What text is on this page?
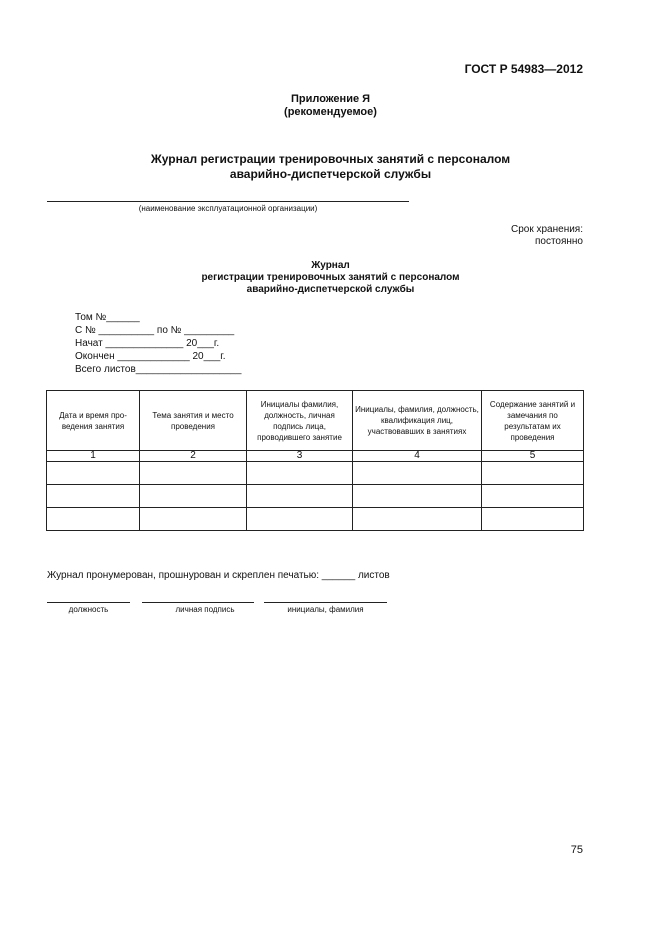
ГОСТ Р 54983—2012
Приложение Я
(рекомендуемое)
Журнал регистрации тренировочных занятий с персоналом
аварийно-диспетчерской службы
(наименование эксплуатационной организации)
Срок хранения:
постоянно
Журнал
регистрации тренировочных занятий с персоналом
аварийно-диспетчерской службы
Том №______
С № __________ по № _________
Начат ______________ 20___г.
Окончен _____________ 20___г.
Всего листов___________________
Дата и время про-ведения занятия	Тема занятия и место проведения	Инициалы фамилия, должность, личная подпись лица, проводившего занятие	Инициалы, фамилия, должность, квалификация лиц, участвовавших в занятиях	Содержание занятий и замечания по результатам их проведения
1	2	3	4	5

Журнал пронумерован, прошнурован и скреплен печатью: ______ листов
должность	личная подпись	инициалы, фамилия
75
